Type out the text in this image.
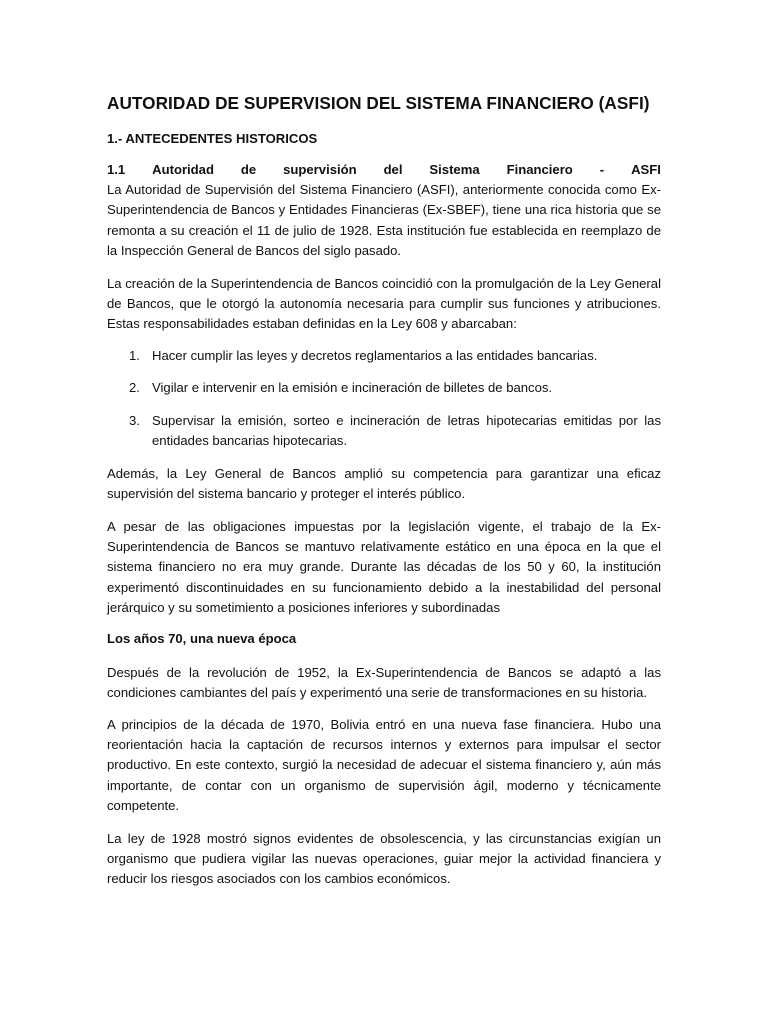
AUTORIDAD DE SUPERVISION DEL SISTEMA FINANCIERO (ASFI)

1.- ANTECEDENTES HISTORICOS

1.1 Autoridad de supervisión del Sistema Financiero - ASFI

La Autoridad de Supervisión del Sistema Financiero (ASFI), anteriormente conocida como Ex-Superintendencia de Bancos y Entidades Financieras (Ex-SBEF), tiene una rica historia que se remonta a su creación el 11 de julio de 1928. Esta institución fue establecida en reemplazo de la Inspección General de Bancos del siglo pasado.

La creación de la Superintendencia de Bancos coincidió con la promulgación de la Ley General de Bancos, que le otorgó la autonomía necesaria para cumplir sus funciones y atribuciones. Estas responsabilidades estaban definidas en la Ley 608 y abarcaban:

1. Hacer cumplir las leyes y decretos reglamentarios a las entidades bancarias.
2. Vigilar e intervenir en la emisión e incineración de billetes de bancos.
3. Supervisar la emisión, sorteo e incineración de letras hipotecarias emitidas por las entidades bancarias hipotecarias.

Además, la Ley General de Bancos amplió su competencia para garantizar una eficaz supervisión del sistema bancario y proteger el interés público.

A pesar de las obligaciones impuestas por la legislación vigente, el trabajo de la Ex-Superintendencia de Bancos se mantuvo relativamente estático en una época en la que el sistema financiero no era muy grande. Durante las décadas de los 50 y 60, la institución experimentó discontinuidades en su funcionamiento debido a la inestabilidad del personal jerárquico y su sometimiento a posiciones inferiores y subordinadas

Los años 70, una nueva época

Después de la revolución de 1952, la Ex-Superintendencia de Bancos se adaptó a las condiciones cambiantes del país y experimentó una serie de transformaciones en su historia.

A principios de la década de 1970, Bolivia entró en una nueva fase financiera. Hubo una reorientación hacia la captación de recursos internos y externos para impulsar el sector productivo. En este contexto, surgió la necesidad de adecuar el sistema financiero y, aún más importante, de contar con un organismo de supervisión ágil, moderno y técnicamente competente.

La ley de 1928 mostró signos evidentes de obsolescencia, y las circunstancias exigían un organismo que pudiera vigilar las nuevas operaciones, guiar mejor la actividad financiera y reducir los riesgos asociados con los cambios económicos.
